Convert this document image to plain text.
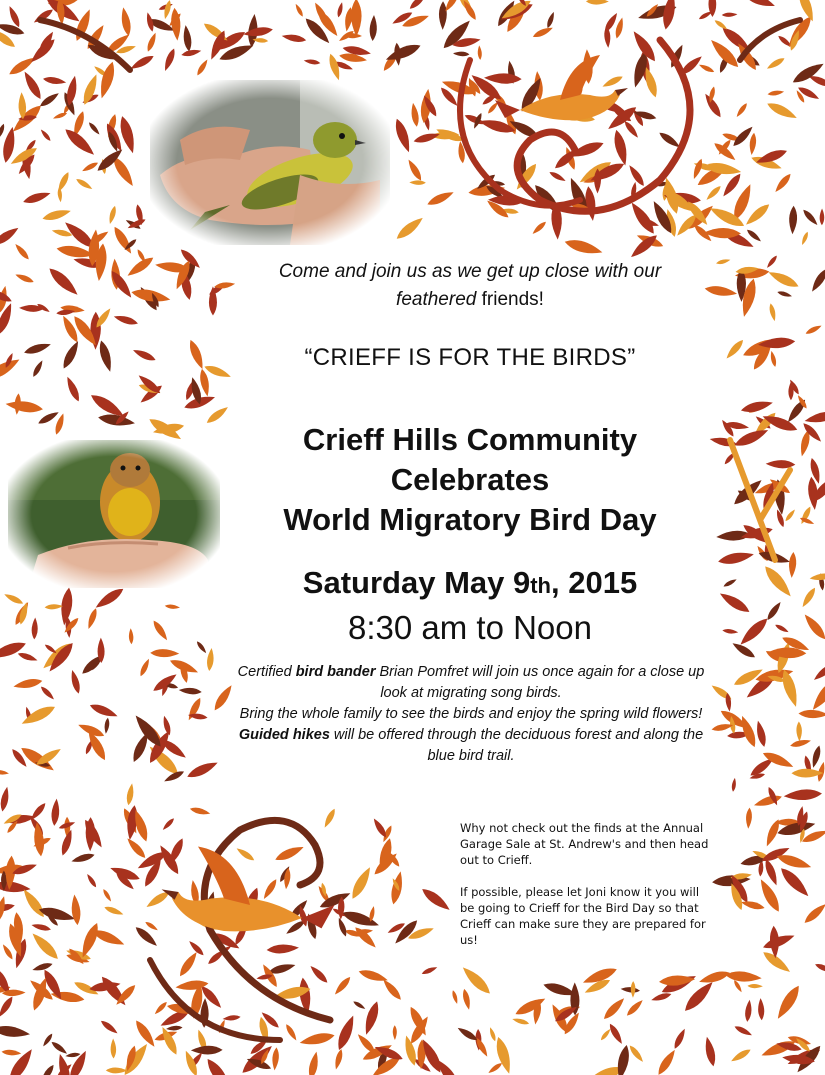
Come and join us as we get up close with our
feathered friends!
“CRIEFF IS FOR THE BIRDS”
Crieff Hills Community
Celebrates
World Migratory Bird Day
Saturday May 9th, 2015
8:30 am to Noon
Certified bird bander Brian Pomfret will join us once again for a close up look at migrating song birds.
Bring the whole family to see the birds and enjoy the spring wild flowers!
Guided hikes will be offered through the deciduous forest and along the blue bird trail.

Why not check out the finds at the Annual Garage Sale at St. Andrew's and then head out to Crieff.

If possible, please let Joni know it you will be going to Crieff for the Bird Day so that Crieff can make sure they are prepared for us!
